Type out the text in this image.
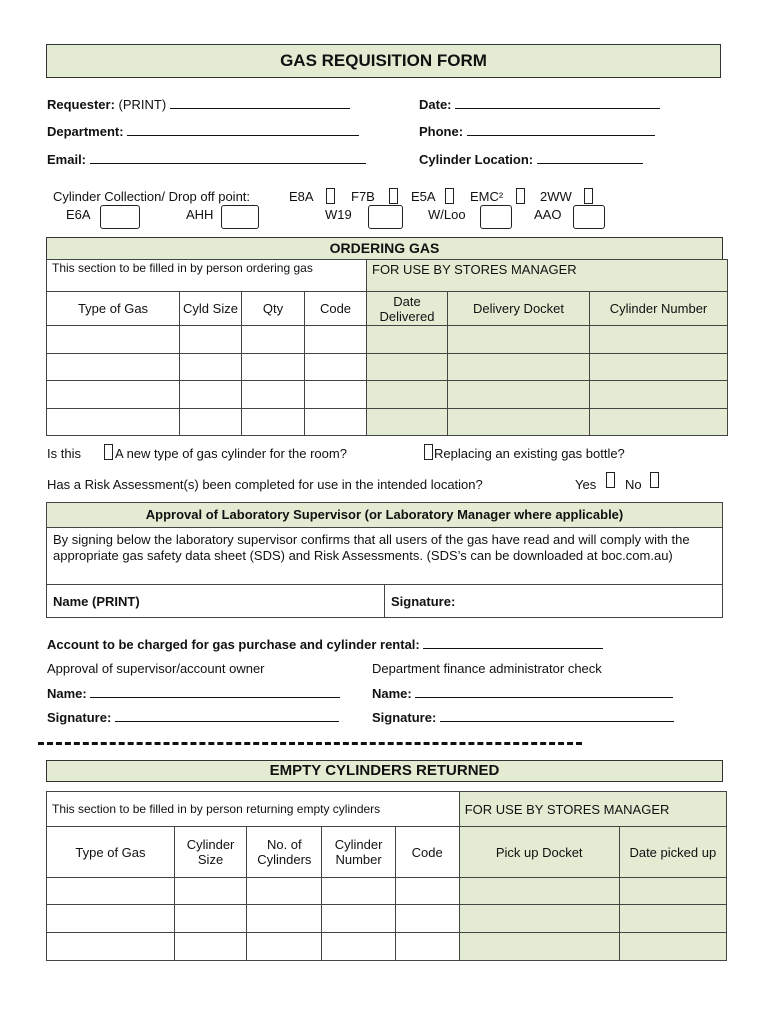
GAS REQUISITION FORM
Requester: (PRINT)	Date:
Department:	Phone:
Email:	Cylinder Location:
Cylinder Collection/ Drop off point:	E8A	F7B	E5A	EMC²	2WW
E6A	AHH	W19	W/Loo	AAO
ORDERING GAS
This section to be filled in by person ordering gas				FOR USE BY STORES MANAGER		
Type of Gas	Cyld Size	Qty	Code	Date Delivered	Delivery Docket	Cylinder Number

Is this	A new type of gas cylinder for the room?	Replacing an existing gas bottle?
Has a Risk Assessment(s) been completed for use in the intended location?	Yes No
Approval of Laboratory Supervisor (or Laboratory Manager where applicable)
By signing below the laboratory supervisor confirms that all users of the gas have read and will comply with the appropriate gas safety data sheet (SDS) and Risk Assessments. (SDS’s can be downloaded at boc.com.au)
Name (PRINT)	Signature:
Account to be charged for gas purchase and cylinder rental:
Approval of supervisor/account owner	Department finance administrator check
Name:	Name:
Signature:	Signature:
EMPTY CYLINDERS RETURNED
This section to be filled in by person returning empty cylinders					FOR USE BY STORES MANAGER	
Type of Gas	Cylinder Size	No. of Cylinders	Cylinder Number	Code	Pick up Docket	Date picked up
